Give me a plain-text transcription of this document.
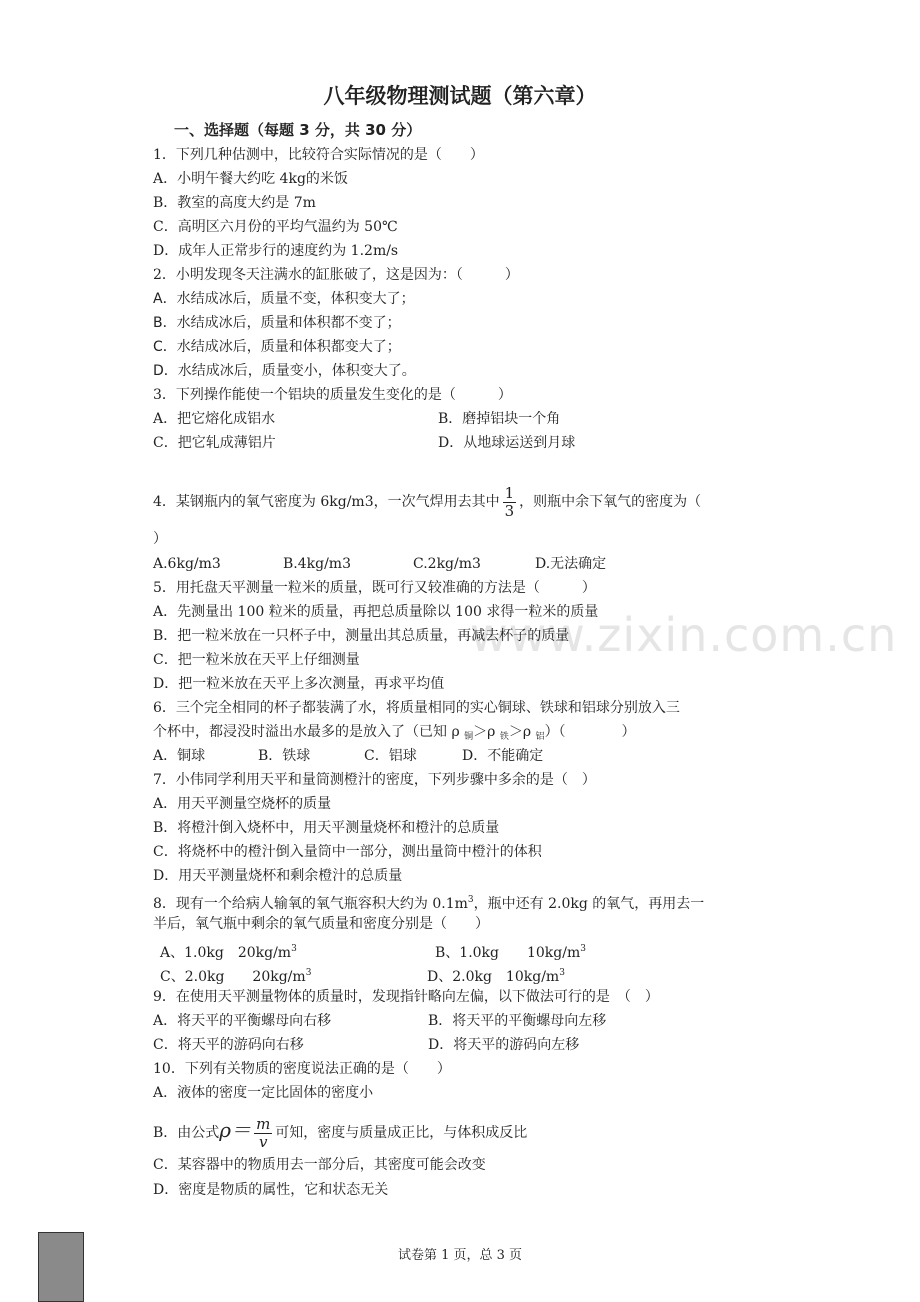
www.zixin.com.cn
八年级物理测试题（第六章）
一、选择题（每题 3 分，共 30 分）
1．下列几种估测中，比较符合实际情况的是（　　）
A．小明午餐大约吃 4kg的米饭
B．教室的高度大约是 7m
C．高明区六月份的平均气温约为 50℃
D．成年人正常步行的速度约为 1.2m/s
2．小明发现冬天注满水的缸胀破了，这是因为：（　　　）
A．水结成冰后，质量不变，体积变大了；
B．水结成冰后，质量和体积都不变了；
C．水结成冰后，质量和体积都变大了；
D．水结成冰后，质量变小，体积变大了。
3．下列操作能使一个铝块的质量发生变化的是（　　　）
A．把它熔化成铝水	B．磨掉铝块一个角
C．把它轧成薄铝片	D．从地球运送到月球
4．某钢瓶内的氧气密度为 6kg/m3，一次气焊用去其中 $\frac{1}{3}$ ，则瓶中余下氧气的密度为（
）
A.6kg/m3	B.4kg/m3	C.2kg/m3	D.无法确定
5．用托盘天平测量一粒米的质量，既可行又较准确的方法是（　　　）
A．先测量出 100 粒米的质量，再把总质量除以 100 求得一粒米的质量
B．把一粒米放在一只杯子中，测量出其总质量，再减去杯子的质量
C．把一粒米放在天平上仔细测量
D．把一粒米放在天平上多次测量，再求平均值
6．三个完全相同的杯子都装满了水，将质量相同的实心铜球、铁球和铝球分别放入三
个杯中，都浸没时溢出水最多的是放入了（已知 ρ $_铜$＞ρ $_铁$＞ρ $_铝$）（　　　　）
A．铜球	B．铁球	C．铝球	D．不能确定
7．小伟同学利用天平和量筒测橙汁的密度，下列步骤中多余的是（　）
A．用天平测量空烧杯的质量
B．将橙汁倒入烧杯中，用天平测量烧杯和橙汁的总质量
C．将烧杯中的橙汁倒入量筒中一部分，测出量筒中橙汁的体积
D．用天平测量烧杯和剩余橙汁的总质量
8．现有一个给病人输氧的氧气瓶容积大约为 $0.1m^3$，瓶中还有 2.0kg 的氧气，再用去一
半后，氧气瓶中剩余的氧气质量和密度分别是（　　）
A、1.0kg　$20kg/m^3$	B、1.0kg　　$10kg/m^3$
C、2.0kg　　$20kg/m^3$	D、2.0kg　$10kg/m^3$
9．在使用天平测量物体的质量时，发现指针略向左偏，以下做法可行的是　（　）
A．将天平的平衡螺母向右移	B．将天平的平衡螺母向左移
C．将天平的游码向右移	D．将天平的游码向左移
10．下列有关物质的密度说法正确的是（　　）
A．液体的密度一定比固体的密度小
B．由公式$\rho= \frac{m}{v}$ 可知，密度与质量成正比，与体积成反比
C．某容器中的物质用去一部分后，其密度可能会改变
D．密度是物质的属性，它和状态无关
试卷第 1 页，总 3 页
